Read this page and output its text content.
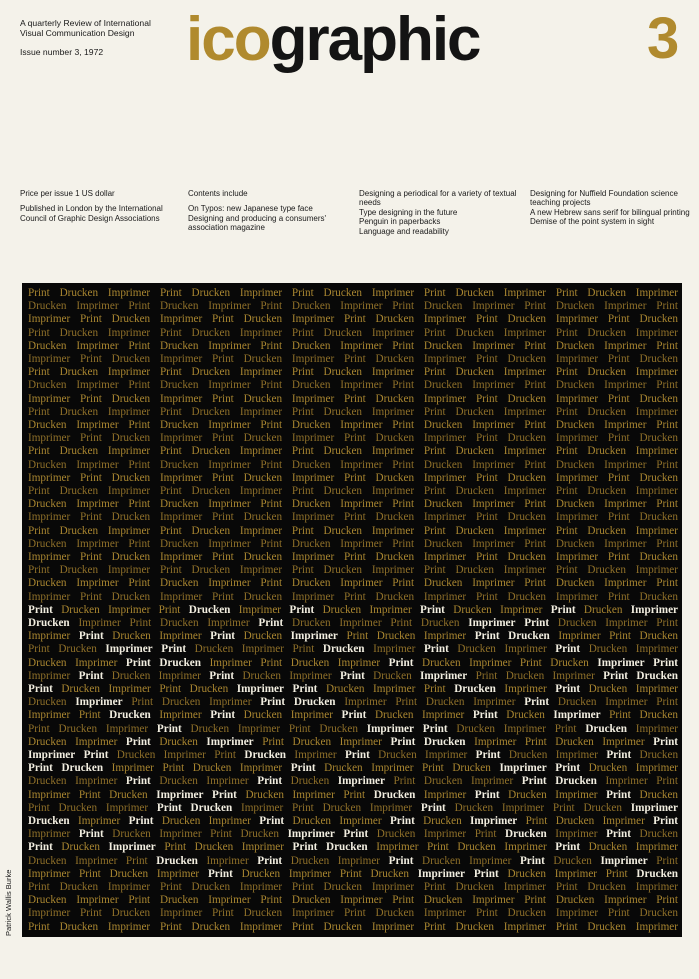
A quarterly Review of International
Visual Communication Design
Issue number 3, 1972	icographic	3

Price per issue 1 US dollar

Published in London by the International Council of Graphic Design Associations

Contents include

On Typos: new Japanese type face

Designing and producing a consumers' association magazine

Designing a periodical for a variety of textual needs

Type designing in the future

Penguin in paperbacks

Language and readability

Designing for Nuffield Foundation science teaching projects

A new Hebrew sans serif for bilingual printing

Demise of the point system in sight

Print Drucken Imprimer Print Drucken Imprimer Print Drucken Imprimer Print Drucken Imprimer Print Drucken Imprimer
Drucken Imprimer Print Drucken Imprimer Print Drucken Imprimer Print Drucken Imprimer Print Drucken Imprimer Print
Imprimer Print Drucken Imprimer Print Drucken Imprimer Print Drucken Imprimer Print Drucken Imprimer Print Drucken
Print Drucken Imprimer Print Drucken Imprimer Print Drucken Imprimer Print Drucken Imprimer Print Drucken Imprimer
Drucken Imprimer Print Drucken Imprimer Print Drucken Imprimer Print Drucken Imprimer Print Drucken Imprimer Print
Imprimer Print Drucken Imprimer Print Drucken Imprimer Print Drucken Imprimer Print Drucken Imprimer Print Drucken
Print Drucken Imprimer Print Drucken Imprimer Print Drucken Imprimer Print Drucken Imprimer Print Drucken Imprimer
Drucken Imprimer Print Drucken Imprimer Print Drucken Imprimer Print Drucken Imprimer Print Drucken Imprimer Print
Imprimer Print Drucken Imprimer Print Drucken Imprimer Print Drucken Imprimer Print Drucken Imprimer Print Drucken
Print Drucken Imprimer Print Drucken Imprimer Print Drucken Imprimer Print Drucken Imprimer Print Drucken Imprimer
Drucken Imprimer Print Drucken Imprimer Print Drucken Imprimer Print Drucken Imprimer Print Drucken Imprimer Print
Imprimer Print Drucken Imprimer Print Drucken Imprimer Print Drucken Imprimer Print Drucken Imprimer Print Drucken
Print Drucken Imprimer Print Drucken Imprimer Print Drucken Imprimer Print Drucken Imprimer Print Drucken Imprimer
Drucken Imprimer Print Drucken Imprimer Print Drucken Imprimer Print Drucken Imprimer Print Drucken Imprimer Print
Imprimer Print Drucken Imprimer Print Drucken Imprimer Print Drucken Imprimer Print Drucken Imprimer Print Drucken
Print Drucken Imprimer Print Drucken Imprimer Print Drucken Imprimer Print Drucken Imprimer Print Drucken Imprimer
Drucken Imprimer Print Drucken Imprimer Print Drucken Imprimer Print Drucken Imprimer Print Drucken Imprimer Print
Imprimer Print Drucken Imprimer Print Drucken Imprimer Print Drucken Imprimer Print Drucken Imprimer Print Drucken
Print Drucken Imprimer Print Drucken Imprimer Print Drucken Imprimer Print Drucken Imprimer Print Drucken Imprimer
Drucken Imprimer Print Drucken Imprimer Print Drucken Imprimer Print Drucken Imprimer Print Drucken Imprimer Print
Imprimer Print Drucken Imprimer Print Drucken Imprimer Print Drucken Imprimer Print Drucken Imprimer Print Drucken
Print Drucken Imprimer Print Drucken Imprimer Print Drucken Imprimer Print Drucken Imprimer Print Drucken Imprimer
Drucken Imprimer Print Drucken Imprimer Print Drucken Imprimer Print Drucken Imprimer Print Drucken Imprimer Print
Imprimer Print Drucken Imprimer Print Drucken Imprimer Print Drucken Imprimer Print Drucken Imprimer Print Drucken
Print Drucken Imprimer Print Drucken Imprimer Print Drucken Imprimer Print Drucken Imprimer Print Drucken Imprimer
Drucken Imprimer Print Drucken Imprimer Print Drucken Imprimer Print Drucken Imprimer Print Drucken Imprimer Print
Imprimer Print Drucken Imprimer Print Drucken Imprimer Print Drucken Imprimer Print Drucken Imprimer Print Drucken
Print Drucken Imprimer Print Drucken Imprimer Print Drucken Imprimer Print Drucken Imprimer Print Drucken Imprimer
Drucken Imprimer Print Drucken Imprimer Print Drucken Imprimer Print Drucken Imprimer Print Drucken Imprimer Print
Imprimer Print Drucken Imprimer Print Drucken Imprimer Print Drucken Imprimer Print Drucken Imprimer Print Drucken
Print Drucken Imprimer Print Drucken Imprimer Print Drucken Imprimer Print Drucken Imprimer Print Drucken Imprimer
Drucken Imprimer Print Drucken Imprimer Print Drucken Imprimer Print Drucken Imprimer Print Drucken Imprimer Print
Imprimer Print Drucken Imprimer Print Drucken Imprimer Print Drucken Imprimer Print Drucken Imprimer Print Drucken
Print Drucken Imprimer Print Drucken Imprimer Print Drucken Imprimer Print Drucken Imprimer Print Drucken Imprimer
Drucken Imprimer Print Drucken Imprimer Print Drucken Imprimer Print Drucken Imprimer Print Drucken Imprimer Print
Imprimer Print Drucken Imprimer Print Drucken Imprimer Print Drucken Imprimer Print Drucken Imprimer Print Drucken
Print Drucken Imprimer Print Drucken Imprimer Print Drucken Imprimer Print Drucken Imprimer Print Drucken Imprimer
Drucken Imprimer Print Drucken Imprimer Print Drucken Imprimer Print Drucken Imprimer Print Drucken Imprimer Print
Imprimer Print Drucken Imprimer Print Drucken Imprimer Print Drucken Imprimer Print Drucken Imprimer Print Drucken
Print Drucken Imprimer Print Drucken Imprimer Print Drucken Imprimer Print Drucken Imprimer Print Drucken Imprimer
Drucken Imprimer Print Drucken Imprimer Print Drucken Imprimer Print Drucken Imprimer Print Drucken Imprimer Print
Imprimer Print Drucken Imprimer Print Drucken Imprimer Print Drucken Imprimer Print Drucken Imprimer Print Drucken
Print Drucken Imprimer Print Drucken Imprimer Print Drucken Imprimer Print Drucken Imprimer Print Drucken Imprimer
Drucken Imprimer Print Drucken Imprimer Print Drucken Imprimer Print Drucken Imprimer Print Drucken Imprimer Print
Imprimer Print Drucken Imprimer Print Drucken Imprimer Print Drucken Imprimer Print Drucken Imprimer Print Drucken
Print Drucken Imprimer Print Drucken Imprimer Print Drucken Imprimer Print Drucken Imprimer Print Drucken Imprimer
Drucken Imprimer Print Drucken Imprimer Print Drucken Imprimer Print Drucken Imprimer Print Drucken Imprimer Print
Imprimer Print Drucken Imprimer Print Drucken Imprimer Print Drucken Imprimer Print Drucken Imprimer Print Drucken
Print Drucken Imprimer Print Drucken Imprimer Print Drucken Imprimer Print Drucken Imprimer Print Drucken Imprimer
Patrick Wallis Burke
